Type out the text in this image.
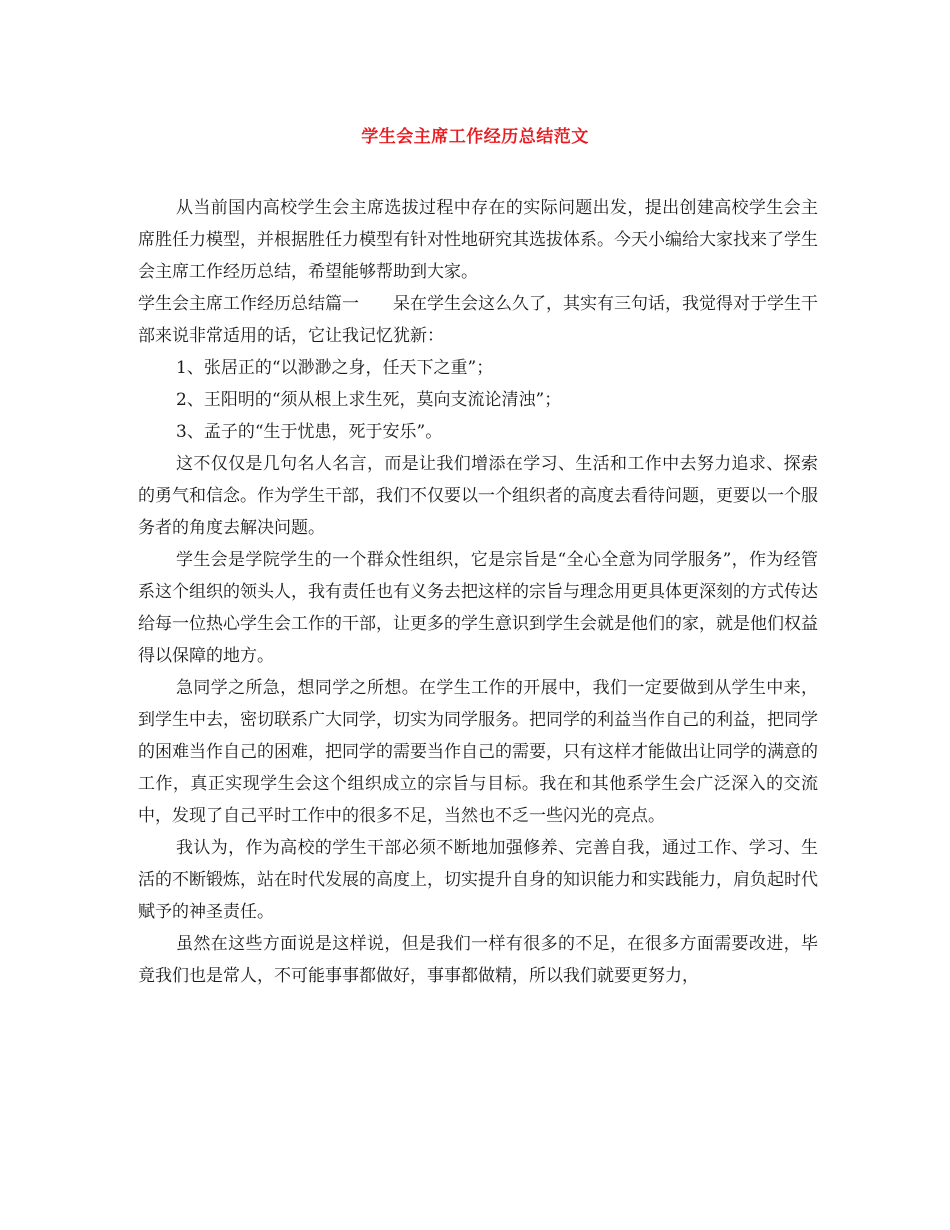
学生会主席工作经历总结范文

从当前国内高校学生会主席选拔过程中存在的实际问题出发，提出创建高校学生会主席胜任力模型，并根据胜任力模型有针对性地研究其选拔体系。今天小编给大家找来了学生会主席工作经历总结，希望能够帮助到大家。

学生会主席工作经历总结篇一　　呆在学生会这么久了，其实有三句话，我觉得对于学生干部来说非常适用的话，它让我记忆犹新：

1、张居正的“以渺渺之身，任天下之重”；

2、王阳明的“须从根上求生死，莫向支流论清浊”；

3、孟子的“生于忧患，死于安乐”。

这不仅仅是几句名人名言，而是让我们增添在学习、生活和工作中去努力追求、探索的勇气和信念。作为学生干部，我们不仅要以一个组织者的高度去看待问题，更要以一个服务者的角度去解决问题。

学生会是学院学生的一个群众性组织，它是宗旨是“全心全意为同学服务”，作为经管系这个组织的领头人，我有责任也有义务去把这样的宗旨与理念用更具体更深刻的方式传达给每一位热心学生会工作的干部，让更多的学生意识到学生会就是他们的家，就是他们权益得以保障的地方。

急同学之所急，想同学之所想。在学生工作的开展中，我们一定要做到从学生中来，到学生中去，密切联系广大同学，切实为同学服务。把同学的利益当作自己的利益，把同学的困难当作自己的困难，把同学的需要当作自己的需要，只有这样才能做出让同学的满意的工作，真正实现学生会这个组织成立的宗旨与目标。我在和其他系学生会广泛深入的交流中，发现了自己平时工作中的很多不足，当然也不乏一些闪光的亮点。

我认为，作为高校的学生干部必须不断地加强修养、完善自我，通过工作、学习、生活的不断锻炼，站在时代发展的高度上，切实提升自身的知识能力和实践能力，肩负起时代赋予的神圣责任。

虽然在这些方面说是这样说，但是我们一样有很多的不足，在很多方面需要改进，毕竟我们也是常人，不可能事事都做好，事事都做精，所以我们就要更努力，
